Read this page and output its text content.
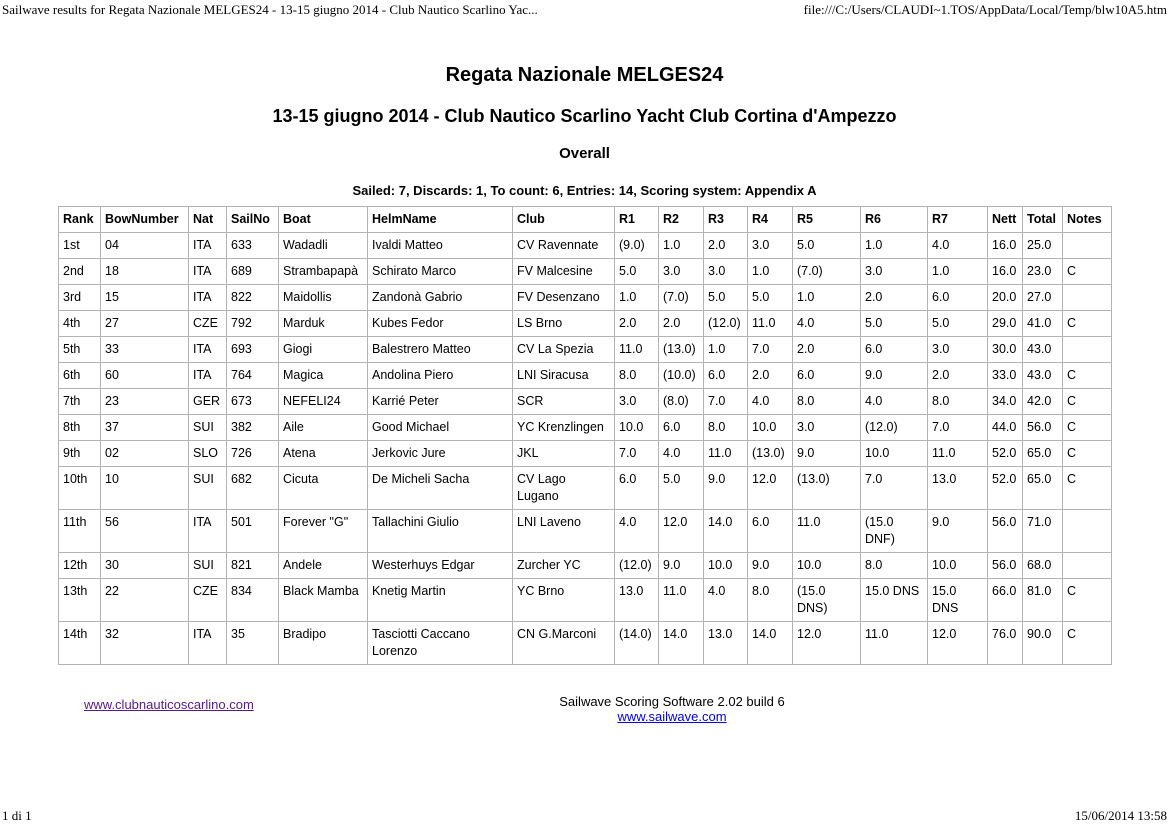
Sailwave results for Regata Nazionale MELGES24 - 13-15 giugno 2014 - Club Nautico Scarlino Yac...	file:///C:/Users/CLAUDI~1.TOS/AppData/Local/Temp/blw10A5.htm
Regata Nazionale MELGES24
13-15 giugno 2014 - Club Nautico Scarlino Yacht Club Cortina d'Ampezzo
Overall
Sailed: 7, Discards: 1, To count: 6, Entries: 14, Scoring system: Appendix A
Rank	BowNumber	Nat	SailNo	Boat	HelmName	Club	R1	R2	R3	R4	R5	R6	R7	Nett	Total	Notes
1st	04	ITA	633	Wadadli	Ivaldi Matteo	CV Ravennate	(9.0)	1.0	2.0	3.0	5.0	1.0	4.0	16.0	25.0	
2nd	18	ITA	689	Strambapapà	Schirato Marco	FV Malcesine	5.0	3.0	3.0	1.0	(7.0)	3.0	1.0	16.0	23.0	C
3rd	15	ITA	822	Maidollis	Zandonà Gabrio	FV Desenzano	1.0	(7.0)	5.0	5.0	1.0	2.0	6.0	20.0	27.0	
4th	27	CZE	792	Marduk	Kubes Fedor	LS Brno	2.0	2.0	(12.0)	11.0	4.0	5.0	5.0	29.0	41.0	C
5th	33	ITA	693	Giogi	Balestrero Matteo	CV La Spezia	11.0	(13.0)	1.0	7.0	2.0	6.0	3.0	30.0	43.0	
6th	60	ITA	764	Magica	Andolina Piero	LNI Siracusa	8.0	(10.0)	6.0	2.0	6.0	9.0	2.0	33.0	43.0	C
7th	23	GER	673	NEFELI24	Karrié Peter	SCR	3.0	(8.0)	7.0	4.0	8.0	4.0	8.0	34.0	42.0	C
8th	37	SUI	382	Aile	Good Michael	YC Krenzlingen	10.0	6.0	8.0	10.0	3.0	(12.0)	7.0	44.0	56.0	C
9th	02	SLO	726	Atena	Jerkovic Jure	JKL	7.0	4.0	11.0	(13.0)	9.0	10.0	11.0	52.0	65.0	C
10th	10	SUI	682	Cicuta	De Micheli Sacha	CV Lago Lugano	6.0	5.0	9.0	12.0	(13.0)	7.0	13.0	52.0	65.0	C
11th	56	ITA	501	Forever "G"	Tallachini Giulio	LNI Laveno	4.0	12.0	14.0	6.0	11.0	(15.0 DNF)	9.0	56.0	71.0	
12th	30	SUI	821	Andele	Westerhuys Edgar	Zurcher YC	(12.0)	9.0	10.0	9.0	10.0	8.0	10.0	56.0	68.0	
13th	22	CZE	834	Black Mamba	Knetig Martin	YC Brno	13.0	11.0	4.0	8.0	(15.0 DNS)	15.0 DNS	15.0 DNS	66.0	81.0	C
14th	32	ITA	35	Bradipo	Tasciotti Caccano Lorenzo	CN G.Marconi	(14.0)	14.0	13.0	14.0	12.0	11.0	12.0	76.0	90.0	C
www.clubnauticoscarlino.com	Sailwave Scoring Software 2.02 build 6
www.sailwave.com
1 di 1	15/06/2014 13:58
